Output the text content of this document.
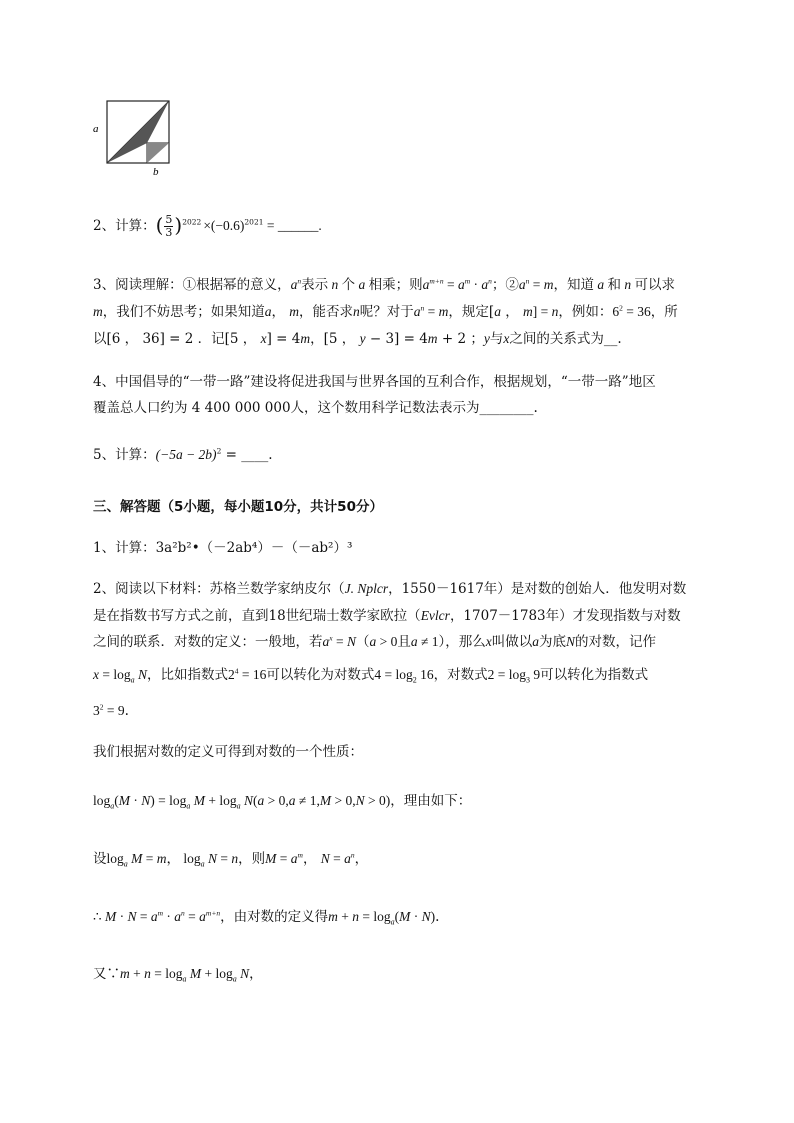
a
b
2、计算：( $\frac{5}{3} )^{2022} \times(-0.6)^{2021}$ = ______.
3、阅读理解：①根据幂的意义，$a^n$表示 n 个 a 相乘；则$a^{m+n} = a^m \cdot a^n$；$②a^n = m$，知道 a 和 n 可以求
m，我们不妨思考；如果知道a， m，能否求n呢？对于$a^n = m$，规定[a ， m] = n，例如：$6^2 = 36$，所
以[6 ， 36] = 2 ．记[5 ， x] = 4m，[5 ， y − 3] = 4m + 2 ；y与x之间的关系式为__.
4、中国倡导的“一带一路”建设将促进我国与世界各国的互利合作，根据规划，“一带一路”地区
覆盖总人口约为 4 400 000 000人，这个数用科学记数法表示为________.
5、计算：$(-5a - 2b)^2$ = ____.
三、解答题（5小题，每小题10分，共计50分）
1、计算：3a²b²•（－2ab⁴）－（－ab²）³
2、阅读以下材料：苏格兰数学家纳皮尔（J. Nplcr，1550－1617年）是对数的创始人．他发明对数
是在指数书写方式之前，直到18世纪瑞士数学家欧拉（Evlcr，1707－1783年）才发现指数与对数
之间的联系．对数的定义：一般地，若$a^x = N(a > 0$且a ≠ 1），那么x叫做以a为底N的对数，记作
$x = \log_a N$，比如指数式$2^4 = 16$可以转化为对数式$4 = \log_2 16$，对数式$2 = \log_3 9$可以转化为指数式
$3^2 = 9$.
我们根据对数的定义可得到对数的一个性质：
$\log_a(M \cdot N) = \log_a M + \log_a N(a > 0,a \ne 1,M > 0,N > 0)$，理由如下：
设$\log_a M = m$， $\log_a N = n$，则$M = a^m$， $N = a^n$，
∴ $M \cdot N = a^m \cdot a^n = a^{m+n}$，由对数的定义得$m + n = \log_a(M \cdot N)$.
又∵m + $n = \log_a M + \log_a N$，
